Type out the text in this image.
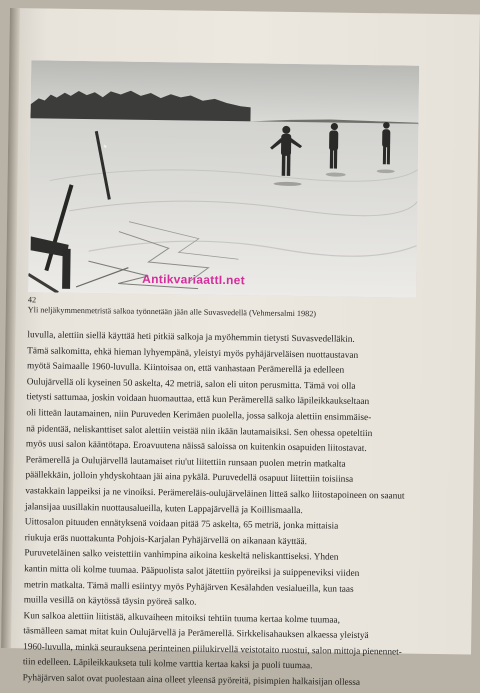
AntikvariaattI.net
42
Yli neljäkymmenmetristä salkoa työnnetään jään alle Suvasvedellä (Vehmersalmi 1982)
luvulla, alettiin siellä käyttää heti pitkiä salkoja ja myöhemmin tietysti Suvasvedelläkin.
Tämä salkomitta, ehkä hieman lyhyempänä, yleistyi myös pyhäjärveläisen nuottaustavan
myötä Saimaalle 1960-luvulla. Kiintoisaa on, että vanhastaan Perämerellä ja edelleen
Oulujärvellä oli kyseinen 50 askelta, 42 metriä, salon eli uiton perusmitta. Tämä voi olla
tietysti sattumaa, joskin voidaan huomauttaa, että kun Perämerellä salko läpileikkaukseltaan
oli litteän lautamainen, niin Puruveden Kerimäen puolella, jossa salkoja alettiin ensimmäise-
nä pidentää, neliskanttiset salot alettiin veistää niin ikään lautamaisiksi. Sen ohessa opeteltiin
myös uusi salon kääntötapa. Eroavuutena näissä saloissa on kuitenkin osapuiden liitostavat.
Perämerellä ja Oulujärvellä lautamaiset riu'ut liitettiin runsaan puolen metrin matkalta
päällekkäin, jolloin yhdyskohtaan jäi aina pykälä. Puruvedellä osapuut liitettiin toisiinsa
vastakkain lappeiksi ja ne vinoiksi. Perämereläis-oulujärveläinen litteä salko liitostapoineen on saanut
jalansijaa uusillakin nuottausalueilla, kuten Lappajärvellä ja Koillismaalla.
Uittosalon pituuden ennätyksenä voidaan pitää 75 askelta, 65 metriä, jonka mittaisia
riukuja eräs nuottakunta Pohjois-Karjalan Pyhäjärvellä on aikanaan käyttää.
Puruveteläinen salko veistettiin vanhimpina aikoina keskeltä neliskanttiseksi. Yhden
kantin mitta oli kolme tuumaa. Pääpuolista salot jätettiin pyöreiksi ja suippeneviksi viiden
metrin matkalta. Tämä malli esiintyy myös Pyhäjärven Kesälahden vesialueilla, kun taas
muilla vesillä on käytössä täysin pyöreä salko.
Kun salkoa alettiin liitistää, alkuvaiheen mitoiksi tehtiin tuuma kertaa kolme tuumaa,
täsmälleen samat mitat kuin Oulujärvellä ja Perämerellä. Sirkkelisahauksen alkaessa yleistyä
1960-luvulla, minkä seurauksena perinteinen piilukirvellä veistotaito ruostui, salon mittoja pienennet-
tiin edelleen. Läpileikkaukseta tuli kolme varttia kertaa kaksi ja puoli tuumaa.
Pyhäjärven salot ovat puolestaan aina olleet yleensä pyöreitä, pisimpien halkaisijan ollessa
